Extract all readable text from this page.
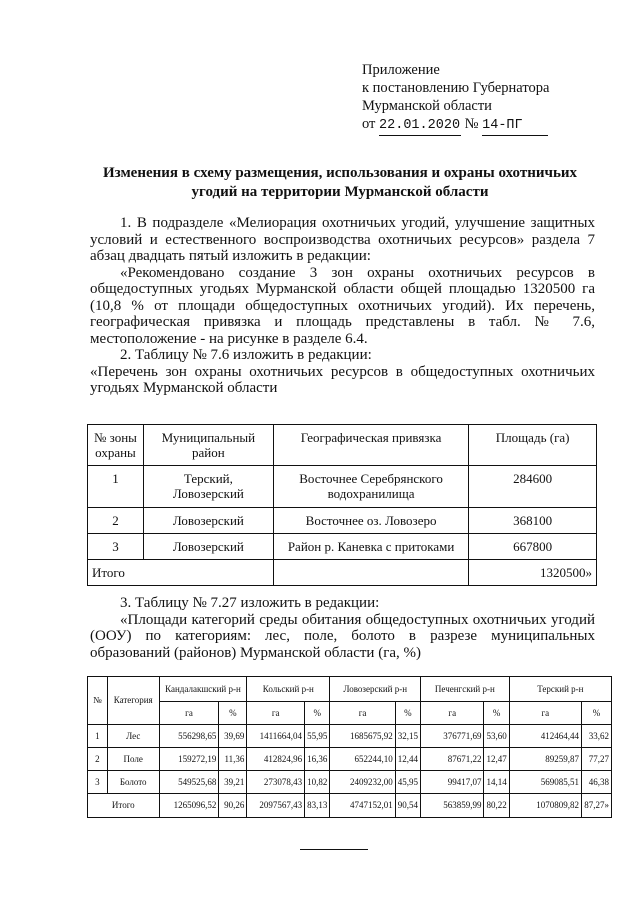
Приложение
к постановлению Губернатора
Мурманской области
от 22.01.2020 № 14-ПГ
Изменения в схему размещения, использования и охраны охотничьих
угодий на территории Мурманской области

1. В подразделе «Мелиорация охотничьих угодий, улучшение защитных условий и естественного воспроизводства охотничьих ресурсов» раздела 7 абзац двадцать пятый изложить в редакции:

«Рекомендовано создание 3 зон охраны охотничьих ресурсов в общедоступных угодьях Мурманской области общей площадью 1320500 га (10,8 % от площади общедоступных охотничьих угодий). Их перечень, географическая привязка и площадь представлены в табл. № 7.6, местоположение - на рисунке в разделе 6.4.

2. Таблицу № 7.6 изложить в редакции:

«Перечень зон охраны охотничьих ресурсов в общедоступных охотничьих угодьях Мурманской области

№ зоны охраны	Муниципальный район	Географическая привязка	Площадь (га)
1	Терский, Ловозерский	Восточнее Серебрянского водохранилища	284600
2	Ловозерский	Восточнее оз. Ловозеро	368100
3	Ловозерский	Район р. Каневка с притоками	667800
Итого			1320500»

3. Таблицу № 7.27 изложить в редакции:

«Площади категорий среды обитания общедоступных охотничьих угодий (ООУ) по категориям: лес, поле, болото в разрезе муниципальных образований (районов) Мурманской области (га, %)

№	Категория	Кандалакшский р-н		Кольский р-н		Ловозерский р-н		Печенгский р-н		Терский р-н	
		га	%	га	%	га	%	га	%	га	%
1	Лес	556298,65	39,69	1411664,04	55,95	1685675,92	32,15	376771,69	53,60	412464,44	33,62
2	Поле	159272,19	11,36	412824,96	16,36	652244,10	12,44	87671,22	12,47	89259,87	77,27
3	Болото	549525,68	39,21	273078,43	10,82	2409232,00	45,95	99417,07	14,14	569085,51	46,38
Итого		1265096,52	90,26	2097567,43	83,13	4747152,01	90,54	563859,99	80,22	1070809,82	87,27»
